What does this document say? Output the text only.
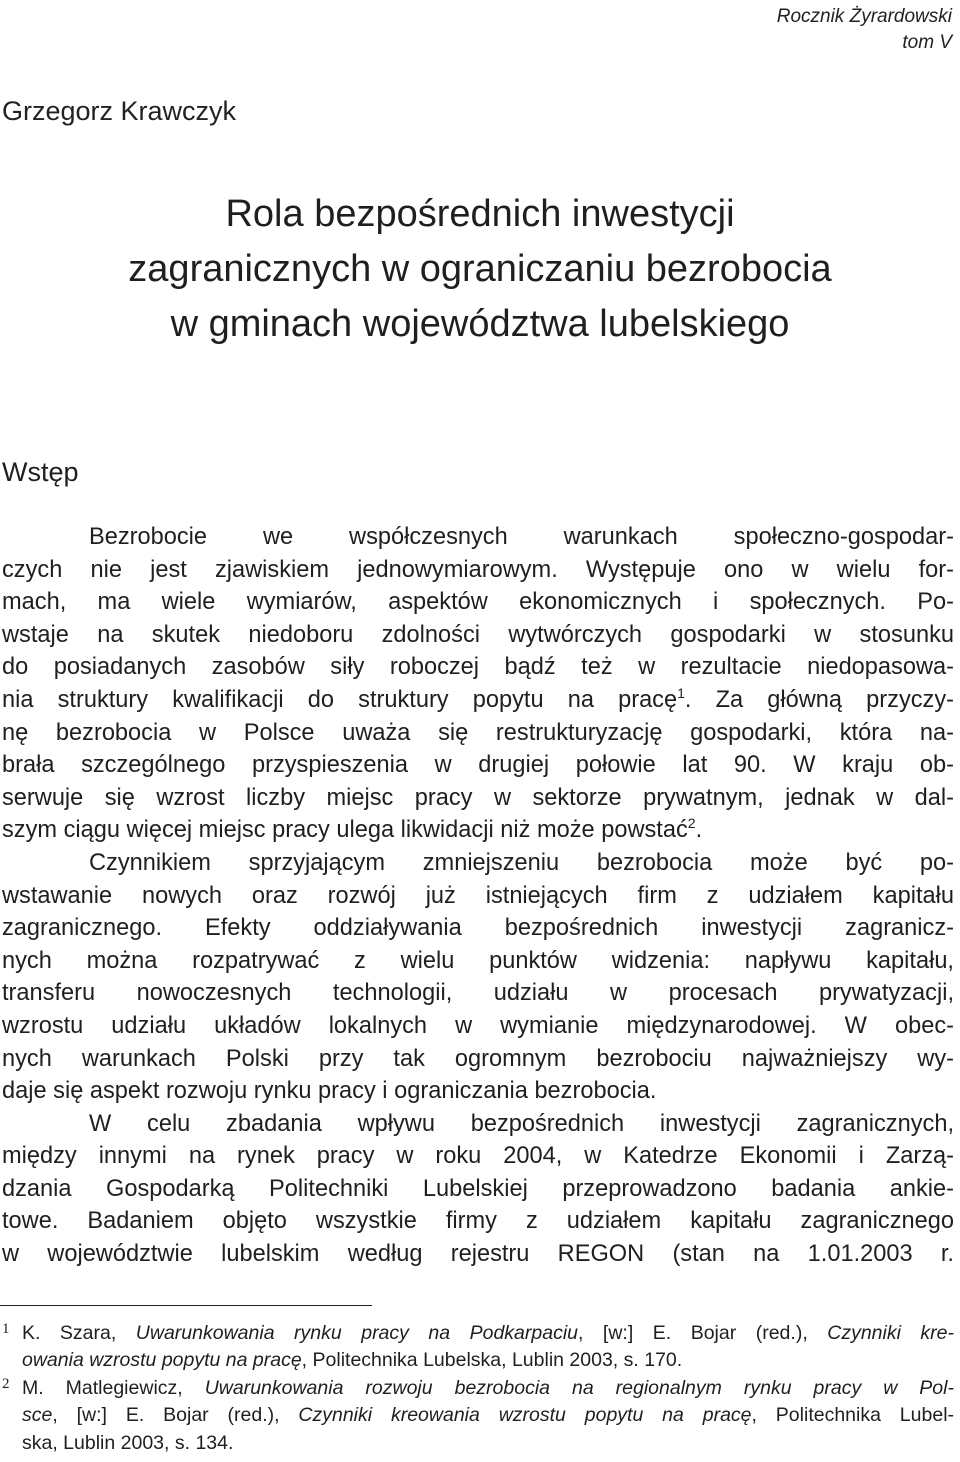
Rocznik Żyrardowski
tom V
Grzegorz Krawczyk
Rola bezpośrednich inwestycji
zagranicznych w ograniczaniu bezrobocia
w gminach województwa lubelskiego
Wstęp
Bezrobocie we współczesnych warunkach społeczno-gospodar-
czych nie jest zjawiskiem jednowymiarowym. Występuje ono w wielu for-
mach, ma wiele wymiarów, aspektów ekonomicznych i społecznych. Po-
wstaje na skutek niedoboru zdolności wytwórczych gospodarki w stosunku
do posiadanych zasobów siły roboczej bądź też w rezultacie niedopasowa-
nia struktury kwalifikacji do struktury popytu na pracę$^1$. Za główną przyczy-
nę bezrobocia w Polsce uważa się restrukturyzację gospodarki, która na-
brała szczególnego przyspieszenia w drugiej połowie lat 90. W kraju ob-
serwuje się wzrost liczby miejsc pracy w sektorze prywatnym, jednak w dal-
szym ciągu więcej miejsc pracy ulega likwidacji niż może powstać$^2$.
Czynnikiem sprzyjającym zmniejszeniu bezrobocia może być po-
wstawanie nowych oraz rozwój już istniejących firm z udziałem kapitału
zagranicznego. Efekty oddziaływania bezpośrednich inwestycji zagranicz-
nych można rozpatrywać z wielu punktów widzenia: napływu kapitału,
transferu nowoczesnych technologii, udziału w procesach prywatyzacji,
wzrostu udziału układów lokalnych w wymianie międzynarodowej. W obec-
nych warunkach Polski przy tak ogromnym bezrobociu najważniejszy wy-
daje się aspekt rozwoju rynku pracy i ograniczania bezrobocia.
W celu zbadania wpływu bezpośrednich inwestycji zagranicznych,
między innymi na rynek pracy w roku 2004, w Katedrze Ekonomii i Zarzą-
dzania Gospodarką Politechniki Lubelskiej przeprowadzono badania ankie-
towe. Badaniem objęto wszystkie firmy z udziałem kapitału zagranicznego
w województwie lubelskim według rejestru REGON (stan na 1.01.2003 r.
1 K. Szara, Uwarunkowania rynku pracy na Podkarpaciu, [w:] E. Bojar (red.), Czynniki kre-
owania wzrostu popytu na pracę, Politechnika Lubelska, Lublin 2003, s. 170.
2 M. Matlegiewicz, Uwarunkowania rozwoju bezrobocia na regionalnym rynku pracy w Pol-
sce, [w:] E. Bojar (red.), Czynniki kreowania wzrostu popytu na pracę, Politechnika Lubel-
ska, Lublin 2003, s. 134.
